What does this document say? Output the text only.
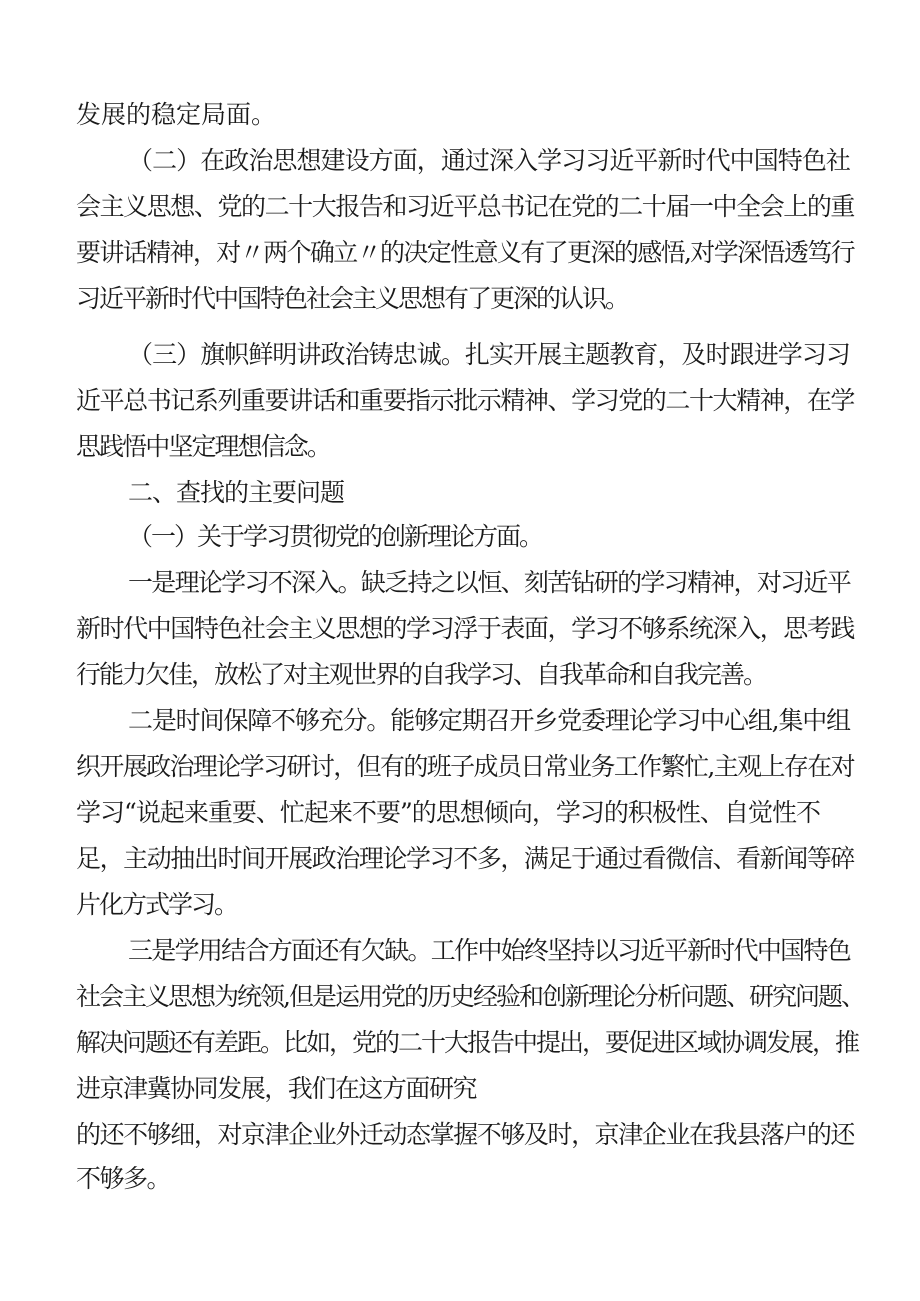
发展的稳定局面。
（二）在政治思想建设方面，通过深入学习习近平新时代中国特色社
会主义思想、党的二十大报告和习近平总书记在党的二十届一中全会上的重
要讲话精神，对〃两个确立〃的决定性意义有了更深的感悟,对学深悟透笃行
习近平新时代中国特色社会主义思想有了更深的认识。
（三）旗帜鲜明讲政治铸忠诚。扎实开展主题教育，及时跟进学习习
近平总书记系列重要讲话和重要指示批示精神、学习党的二十大精神，在学
思践悟中坚定理想信念。
二、查找的主要问题
（一）关于学习贯彻党的创新理论方面。
一是理论学习不深入。缺乏持之以恒、刻苦钻研的学习精神，对习近平
新时代中国特色社会主义思想的学习浮于表面，学习不够系统深入，思考践
行能力欠佳，放松了对主观世界的自我学习、自我革命和自我完善。
二是时间保障不够充分。能够定期召开乡党委理论学习中心组,集中组
织开展政治理论学习研讨，但有的班子成员日常业务工作繁忙,主观上存在对
学习“说起来重要、忙起来不要”的思想倾向，学习的积极性、自觉性不
足，主动抽出时间开展政治理论学习不多，满足于通过看微信、看新闻等碎
片化方式学习。
三是学用结合方面还有欠缺。工作中始终坚持以习近平新时代中国特色
社会主义思想为统领,但是运用党的历史经验和创新理论分析问题、研究问题、
解决问题还有差距。比如，党的二十大报告中提出，要促进区域协调发展，推
进京津冀协同发展，我们在这方面研究
的还不够细，对京津企业外迁动态掌握不够及时，京津企业在我县落户的还
不够多。
